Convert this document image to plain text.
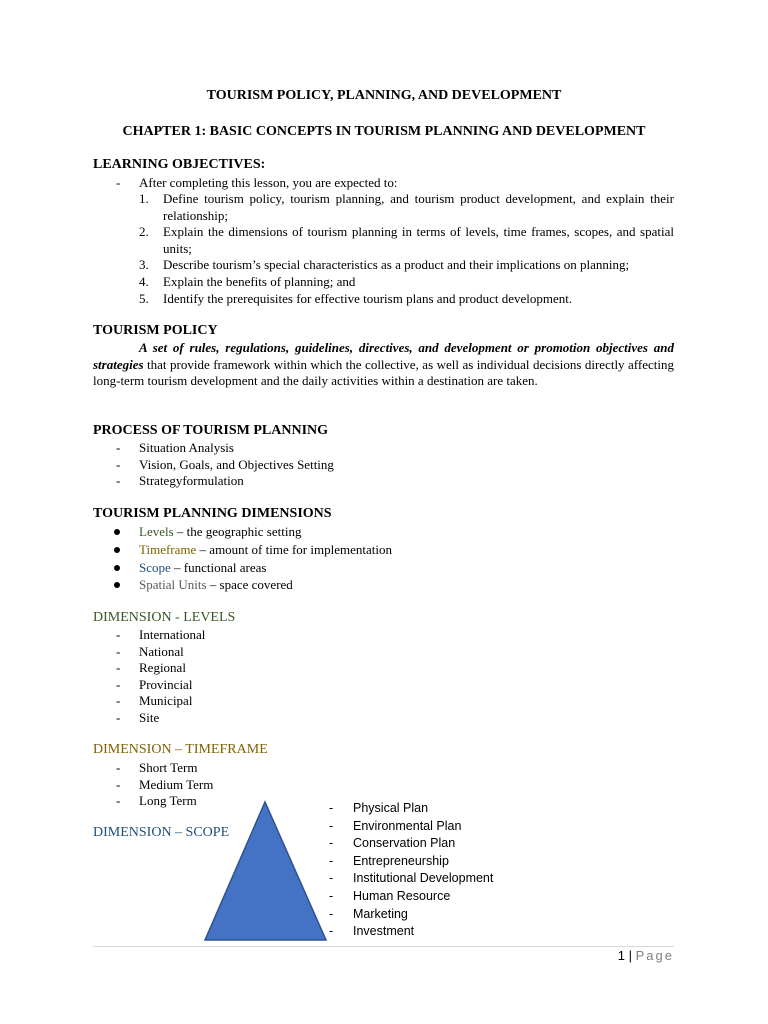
TOURISM POLICY, PLANNING, AND DEVELOPMENT
CHAPTER 1: BASIC CONCEPTS IN TOURISM PLANNING AND DEVELOPMENT
LEARNING OBJECTIVES:
- After completing this lesson, you are expected to:
1. Define tourism policy, tourism planning, and tourism product development, and explain their relationship;
2. Explain the dimensions of tourism planning in terms of levels, time frames, scopes, and spatial units;
3. Describe tourism’s special characteristics as a product and their implications on planning;
4. Explain the benefits of planning; and
5. Identify the prerequisites for effective tourism plans and product development.
TOURISM POLICY

A set of rules, regulations, guidelines, directives, and development or promotion objectives and strategies that provide framework within which the collective, as well as individual decisions directly affecting long-term tourism development and the daily activities within a destination are taken.

PROCESS OF TOURISM PLANNING
- Situation Analysis
- Vision, Goals, and Objectives Setting
- Strategyformulation
TOURISM PLANNING DIMENSIONS
Levels – the geographic setting
Timeframe – amount of time for implementation
Scope – functional areas
Spatial Units – space covered
DIMENSION - LEVELS
- International
- National
- Regional
- Provincial
- Municipal
- Site
DIMENSION – TIMEFRAME
- Short Term
- Medium Term
- Long Term
DIMENSION – SCOPE
- Physical Plan
- Environmental Plan
- Conservation Plan
- Entrepreneurship
- Institutional Development
- Human Resource
- Marketing
- Investment
1 | Page
